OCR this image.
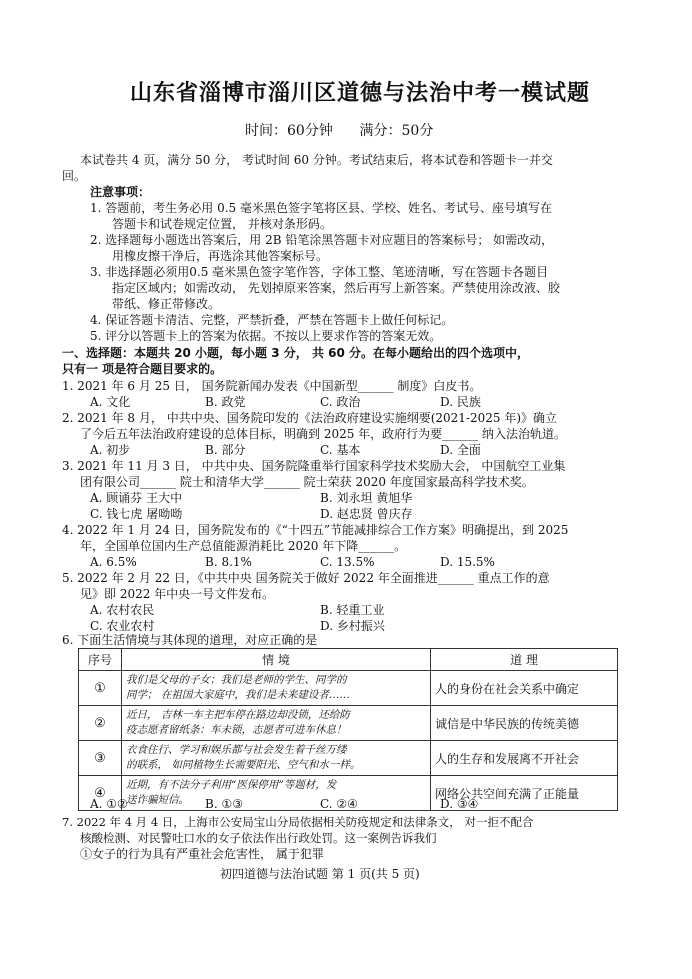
山东省淄博市淄川区道德与法治中考一模试题
时间：60分钟      满分：50分
本试卷共 4 页，满分 50 分， 考试时间 60 分钟。考试结束后，将本试卷和答题卡一并交
回。
注意事项：
1. 答题前，考生务必用 0.5 毫米黑色签字笔将区县、学校、姓名、考试号、座号填写在
答题卡和试卷规定位置， 并核对条形码。
2. 选择题每小题选出答案后，用 2B 铅笔涂黑答题卡对应题目的答案标号； 如需改动，
用橡皮擦干净后，再选涂其他答案标号。
3. 非选择题必须用0.5 毫米黑色签字笔作答，字体工整、笔迹清晰，写在答题卡各题目
指定区域内；如需改动， 先划掉原来答案，然后再写上新答案。严禁使用涂改液、胶
带纸、修正带修改。
4. 保证答题卡清洁、完整，严禁折叠，严禁在答题卡上做任何标记。
5. 评分以答题卡上的答案为依据。不按以上要求作答的答案无效。
一、选择题：本题共 20 小题，每小题 3 分， 共 60 分。在每小题给出的四个选项中，
只有一 项是符合题目要求的。
1. 2021 年 6 月 25 日， 国务院新闻办发表《中国新型______ 制度》白皮书。
A. 文化	B. 政党	C. 政治	D. 民族
2. 2021 年 8 月， 中共中央、国务院印发的《法治政府建设实施纲要(2021-2025 年)》确立
了今后五年法治政府建设的总体目标，明确到 2025 年，政府行为要______ 纳入法治轨道。
A. 初步	B. 部分	C. 基本	D. 全面
3. 2021 年 11 月 3 日， 中共中央、国务院隆重举行国家科学技术奖励大会， 中国航空工业集
团有限公司______ 院士和清华大学______ 院士荣获 2020 年度国家最高科学技术奖。
A. 顾诵芬 王大中	B. 刘永坦 黄旭华
C. 钱七虎 屠呦呦	D. 赵忠贤 曾庆存
4. 2022 年 1 月 24 日，国务院发布的《“十四五”节能减排综合工作方案》明确提出，到 2025
年，全国单位国内生产总值能源消耗比 2020 年下降______。
A. 6.5%	B. 8.1%	C. 13.5%	D. 15.5%
5. 2022 年 2 月 22 日，《中共中央 国务院关于做好 2022 年全面推进______ 重点工作的意
见》即 2022 年中央一号文件发布。
A. 农村农民	B. 轻重工业
C. 农业农村	D. 乡村振兴
6. 下面生活情境与其体现的道理，对应正确的是
序号	情 境	道 理
①	我们是父母的子女；我们是老师的学生、同学的
同学； 在祖国大家庭中，我们是未来建设者……	人的身份在社会关系中确定
②	近日， 吉林一车主把车停在路边却没锁，还给防
疫志愿者留纸条：车未锁，志愿者可进车休息！	诚信是中华民族的传统美德
③	衣食住行、学习和娱乐都与社会发生着千丝万缕
的联系， 如同植物生长需要阳光、空气和水一样。	人的生存和发展离不开社会
④	近期，有不法分子利用“医保停用”等题材，发
送诈骗短信。	网络公共空间充满了正能量
A. ①②	B. ①③	C. ②④	D. ③④
7. 2022 年 4 月 4 日，上海市公安局宝山分局依据相关防疫规定和法律条文， 对一拒不配合
核酸检测、对民警吐口水的女子依法作出行政处罚。这一案例告诉我们
①女子的行为具有严重社会危害性， 属于犯罪
初四道德与法治试题 第 1 页(共 5 页)
